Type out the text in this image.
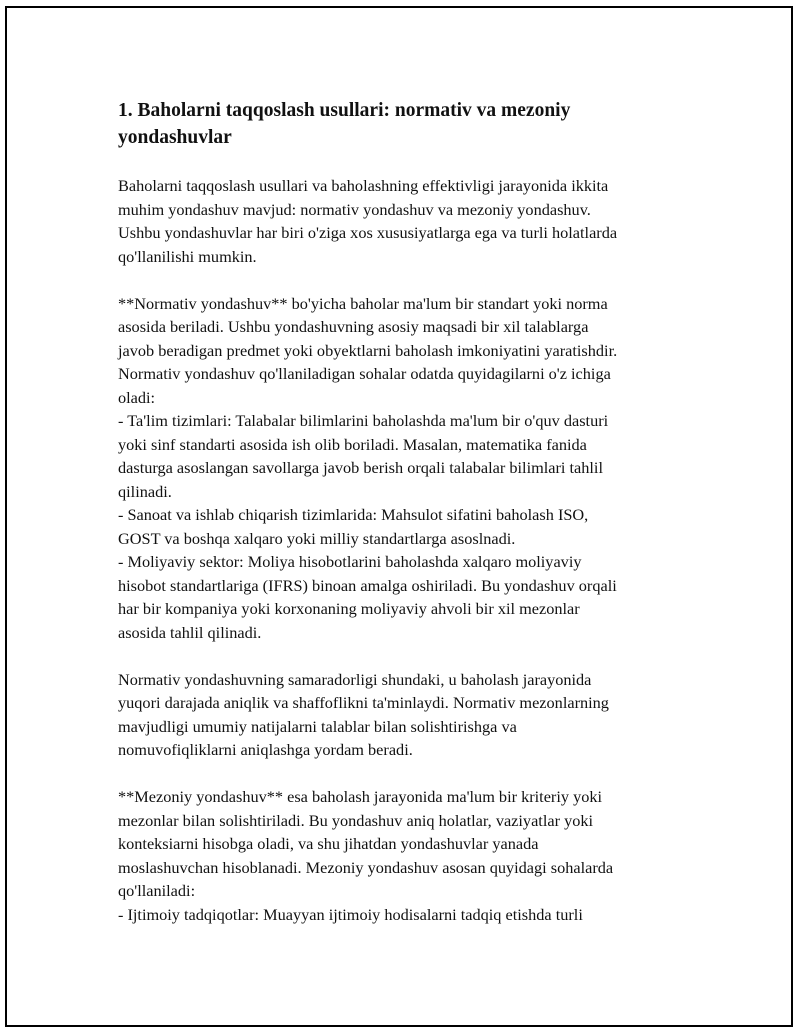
1. Baholarni taqqoslash usullari: normativ va mezoniy
yondashuvlar
Baholarni taqqoslash usullari va baholashning effektivligi jarayonida ikkita
muhim yondashuv mavjud: normativ yondashuv va mezoniy yondashuv.
Ushbu yondashuvlar har biri o'ziga xos xususiyatlarga ega va turli holatlarda
qo'llanilishi mumkin.
**Normativ yondashuv** bo'yicha baholar ma'lum bir standart yoki norma
asosida beriladi. Ushbu yondashuvning asosiy maqsadi bir xil talablarga
javob beradigan predmet yoki obyektlarni baholash imkoniyatini yaratishdir.
Normativ yondashuv qo'llaniladigan sohalar odatda quyidagilarni o'z ichiga
oladi:
- Ta'lim tizimlari: Talabalar bilimlarini baholashda ma'lum bir o'quv dasturi
yoki sinf standarti asosida ish olib boriladi. Masalan, matematika fanida
dasturga asoslangan savollarga javob berish orqali talabalar bilimlari tahlil
qilinadi.
- Sanoat va ishlab chiqarish tizimlarida: Mahsulot sifatini baholash ISO,
GOST va boshqa xalqaro yoki milliy standartlarga asoslnadi.
- Moliyaviy sektor: Moliya hisobotlarini baholashda xalqaro moliyaviy
hisobot standartlariga (IFRS) binoan amalga oshiriladi. Bu yondashuv orqali
har bir kompaniya yoki korxonaning moliyaviy ahvoli bir xil mezonlar
asosida tahlil qilinadi.
Normativ yondashuvning samaradorligi shundaki, u baholash jarayonida
yuqori darajada aniqlik va shaffoflikni ta'minlaydi. Normativ mezonlarning
mavjudligi umumiy natijalarni talablar bilan solishtirishga va
nomuvofiqliklarni aniqlashga yordam beradi.
**Mezoniy yondashuv** esa baholash jarayonida ma'lum bir kriteriy yoki
mezonlar bilan solishtiriladi. Bu yondashuv aniq holatlar, vaziyatlar yoki
konteksiarni hisobga oladi, va shu jihatdan yondashuvlar yanada
moslashuvchan hisoblanadi. Mezoniy yondashuv asosan quyidagi sohalarda
qo'llaniladi:
- Ijtimoiy tadqiqotlar: Muayyan ijtimoiy hodisalarni tadqiq etishda turli
